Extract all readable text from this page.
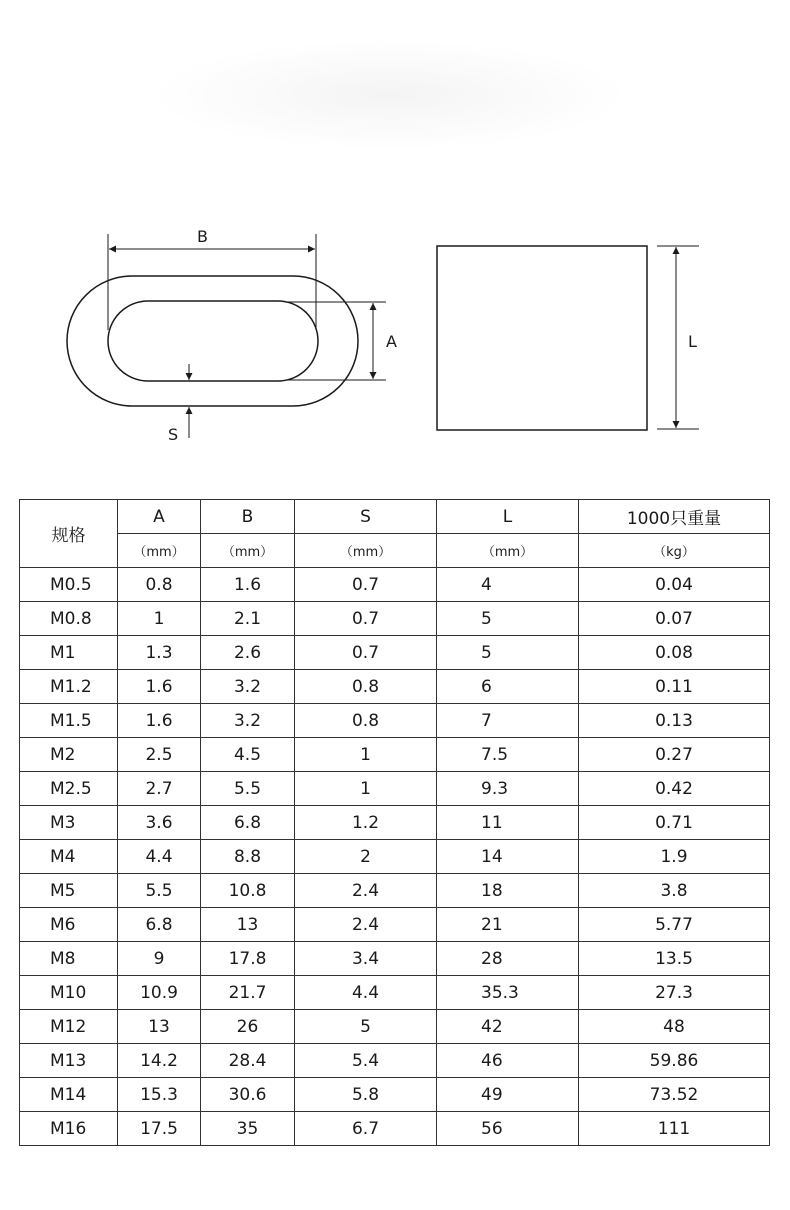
B
A
S
L
规格	A	B	S	L	1000只重量
	（mm）	（mm）	（mm）	（mm）	（kg）
M0.5	0.8	1.6	0.7	4	0.04
M0.8	1	2.1	0.7	5	0.07
M1	1.3	2.6	0.7	5	0.08
M1.2	1.6	3.2	0.8	6	0.11
M1.5	1.6	3.2	0.8	7	0.13
M2	2.5	4.5	1	7.5	0.27
M2.5	2.7	5.5	1	9.3	0.42
M3	3.6	6.8	1.2	11	0.71
M4	4.4	8.8	2	14	1.9
M5	5.5	10.8	2.4	18	3.8
M6	6.8	13	2.4	21	5.77
M8	9	17.8	3.4	28	13.5
M10	10.9	21.7	4.4	35.3	27.3
M12	13	26	5	42	48
M13	14.2	28.4	5.4	46	59.86
M14	15.3	30.6	5.8	49	73.52
M16	17.5	35	6.7	56	111
